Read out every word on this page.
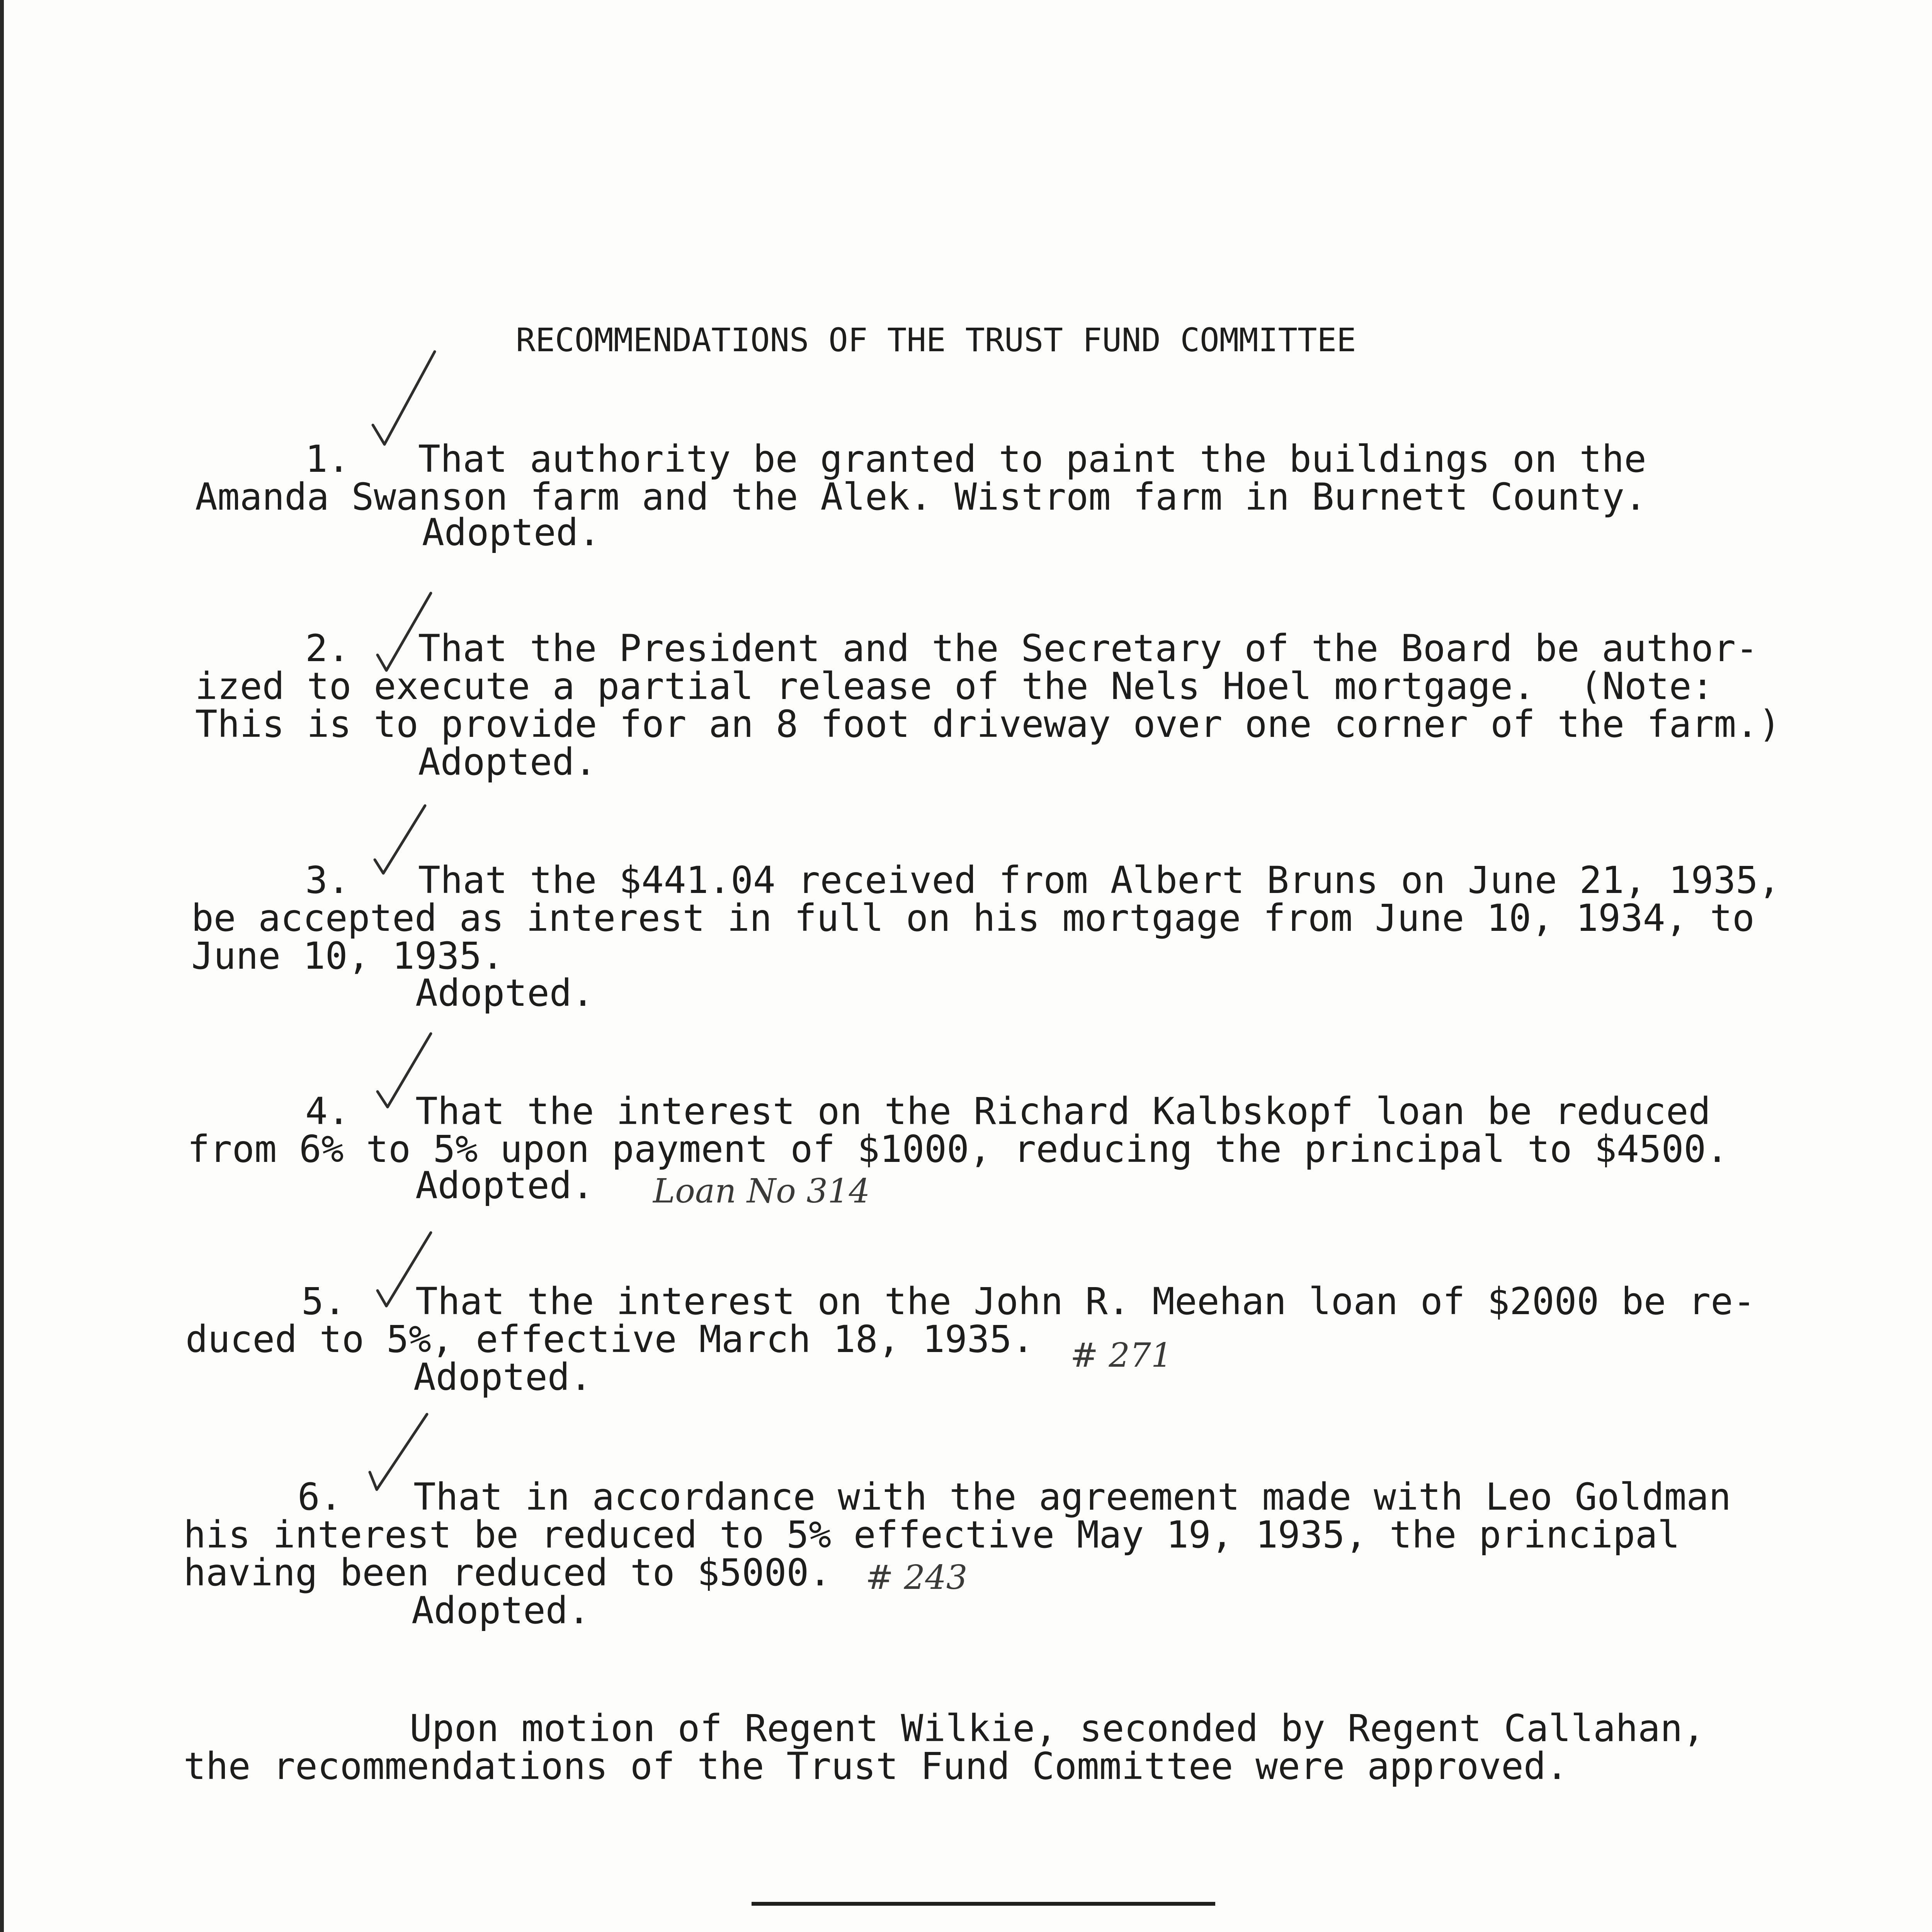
RECOMMENDATIONS OF THE TRUST FUND COMMITTEE
1. That authority be granted to paint the buildings on the
Amanda Swanson farm and the Alek. Wistrom farm in Burnett County.
Adopted.
2. That the President and the Secretary of the Board be author-
ized to execute a partial release of the Nels Hoel mortgage.  (Note:
This is to provide for an 8 foot driveway over one corner of the farm.)
Adopted.
3. That the $441.04 received from Albert Bruns on June 21, 1935,
be accepted as interest in full on his mortgage from June 10, 1934, to
June 10, 1935.
Adopted.
4. That the interest on the Richard Kalbskopf loan be reduced
from 6% to 5% upon payment of $1000, reducing the principal to $4500.
Adopted. Loan No 314
5. That the interest on the John R. Meehan loan of $2000 be re-
duced to 5%, effective March 18, 1935. # 271
Adopted.
6. That in accordance with the agreement made with Leo Goldman
his interest be reduced to 5% effective May 19, 1935, the principal
having been reduced to $5000. # 243
Adopted.
Upon motion of Regent Wilkie, seconded by Regent Callahan,
the recommendations of the Trust Fund Committee were approved.
